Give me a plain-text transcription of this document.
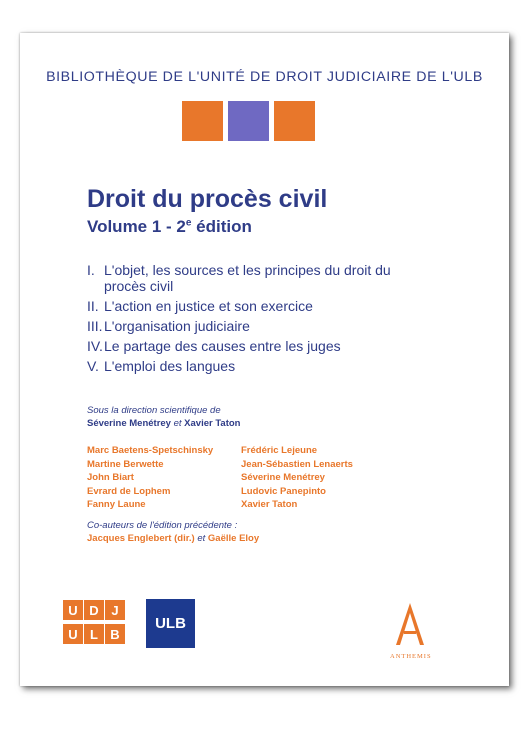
BIBLIOTHÈQUE DE L'UNITÉ DE DROIT JUDICIAIRE DE L'ULB
Droit du procès civil
Volume 1 - 2e édition
I. L'objet, les sources et les principes du droit du procès civil
II. L'action en justice et son exercice
III. L'organisation judiciaire
IV. Le partage des causes entre les juges
V. L'emploi des langues
Sous la direction scientifique de
Séverine Menétrey et Xavier Taton
Marc Baetens-Spetschinsky
Martine Berwette
John Biart
Evrard de Lophem
Fanny Laune
Frédéric Lejeune
Jean-Sébastien Lenaerts
Séverine Menétrey
Ludovic Panepinto
Xavier Taton
Co-auteurs de l'édition précédente :
Jacques Englebert (dir.) et Gaëlle Eloy
U D J
U L B
ULB
ANTHEMIS
